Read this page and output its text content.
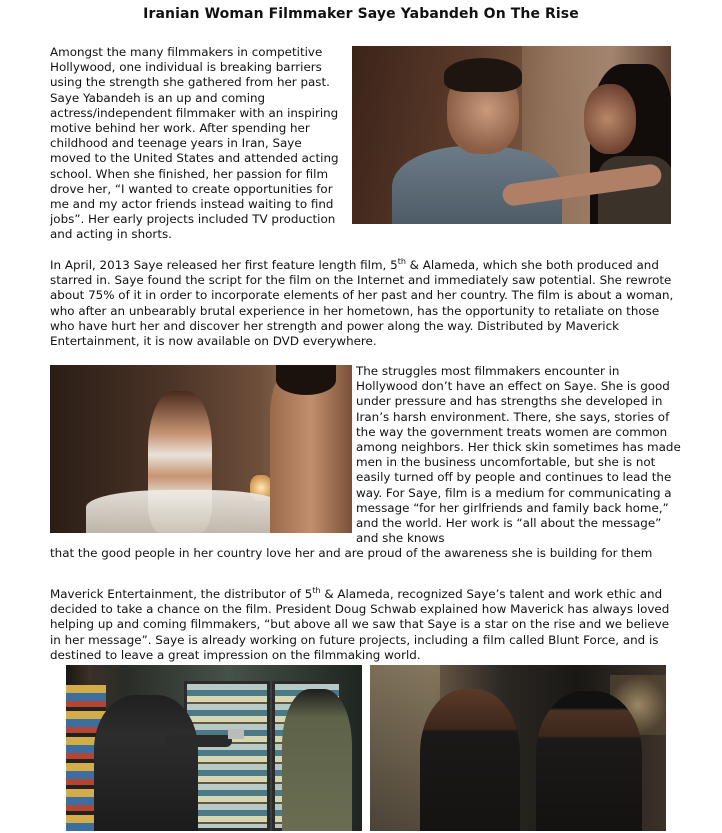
Iranian Woman Filmmaker Saye Yabandeh On The Rise

Amongst the many filmmakers in competitive Hollywood, one individual is breaking barriers using the strength she gathered from her past. Saye Yabandeh is an up and coming actress/independent filmmaker with an inspiring motive behind her work. After spending her childhood and teenage years in Iran, Saye moved to the United States and attended acting school. When she finished, her passion for film drove her, “I wanted to create opportunities for me and my actor friends instead waiting to find jobs”. Her early projects included TV production and acting in shorts.

In April, 2013 Saye released her first feature length film, 5th & Alameda, which she both produced and starred in. Saye found the script for the film on the Internet and immediately saw potential. She rewrote about 75% of it in order to incorporate elements of her past and her country. The film is about a woman, who after an unbearably brutal experience in her hometown, has the opportunity to retaliate on those who have hurt her and discover her strength and power along the way. Distributed by Maverick Entertainment, it is now available on DVD everywhere.

The struggles most filmmakers encounter in Hollywood don’t have an effect on Saye. She is good under pressure and has strengths she developed in Iran’s harsh environment. There, she says, stories of the way the government treats women are common among neighbors. Her thick skin sometimes has made men in the business uncomfortable, but she is not easily turned off by people and continues to lead the way. For Saye, film is a medium for communicating a message “for her girlfriends and family back home,” and the world. Her work is “all about the message” and she knows

that the good people in her country love her and are proud of the awareness she is building for them

Maverick Entertainment, the distributor of 5th & Alameda, recognized Saye’s talent and work ethic and decided to take a chance on the film. President Doug Schwab explained how Maverick has always loved helping up and coming filmmakers, “but above all we saw that Saye is a star on the rise and we believe in her message”. Saye is already working on future projects, including a film called Blunt Force, and is destined to leave a great impression on the filmmaking world.
